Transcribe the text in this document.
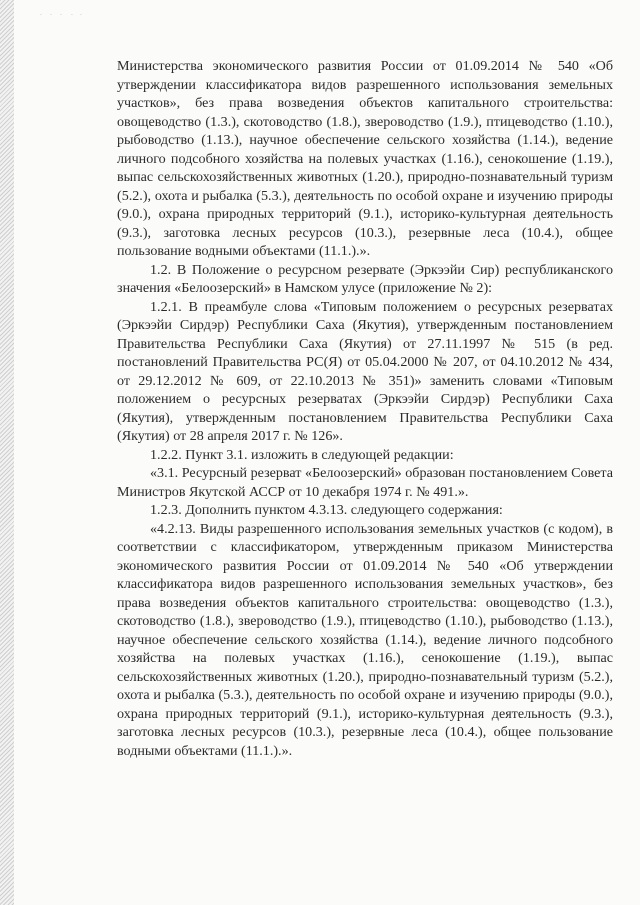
· · · · ·

Министерства экономического развития России от 01.09.2014 № 540 «Об утверждении классификатора видов разрешенного использования земельных участков», без права возведения объектов капитального строительства: овощеводство (1.3.), скотоводство (1.8.), звероводство (1.9.), птицеводство (1.10.), рыбоводство (1.13.), научное обеспечение сельского хозяйства (1.14.), ведение личного подсобного хозяйства на полевых участках (1.16.), сенокошение (1.19.), выпас сельскохозяйственных животных (1.20.), природно-познавательный туризм (5.2.), охота и рыбалка (5.3.), деятельность по особой охране и изучению природы (9.0.), охрана природных территорий (9.1.), историко-культурная деятельность (9.3.), заготовка лесных ресурсов (10.3.), резервные леса (10.4.), общее пользование водными объектами (11.1.).».

1.2. В Положение о ресурсном резервате (Эркээйи Сир) республиканского значения «Белоозерский» в Намском улусе (приложение № 2):

1.2.1. В преамбуле слова «Типовым положением о ресурсных резерватах (Эркээйи Сирдэр) Республики Саха (Якутия), утвержденным постановлением Правительства Республики Саха (Якутия) от 27.11.1997 № 515 (в ред. постановлений Правительства РС(Я) от 05.04.2000 № 207, от 04.10.2012 № 434, от 29.12.2012 № 609, от 22.10.2013 № 351)» заменить словами «Типовым положением о ресурсных резерватах (Эркээйи Сирдэр) Республики Саха (Якутия), утвержденным постановлением Правительства Республики Саха (Якутия) от 28 апреля 2017 г. № 126».

1.2.2. Пункт 3.1. изложить в следующей редакции:

«3.1. Ресурсный резерват «Белоозерский» образован постановлением Совета Министров Якутской АССР от 10 декабря 1974 г. № 491.».

1.2.3. Дополнить пунктом 4.3.13. следующего содержания:

«4.2.13. Виды разрешенного использования земельных участков (с кодом), в соответствии с классификатором, утвержденным приказом Министерства экономического развития России от 01.09.2014 № 540 «Об утверждении классификатора видов разрешенного использования земельных участков», без права возведения объектов капитального строительства: овощеводство (1.3.), скотоводство (1.8.), звероводство (1.9.), птицеводство (1.10.), рыбоводство (1.13.), научное обеспечение сельского хозяйства (1.14.), ведение личного подсобного хозяйства на полевых участках (1.16.), сенокошение (1.19.), выпас сельскохозяйственных животных (1.20.), природно-познавательный туризм (5.2.), охота и рыбалка (5.3.), деятельность по особой охране и изучению природы (9.0.), охрана природных территорий (9.1.), историко-культурная деятельность (9.3.), заготовка лесных ресурсов (10.3.), резервные леса (10.4.), общее пользование водными объектами (11.1.).».
